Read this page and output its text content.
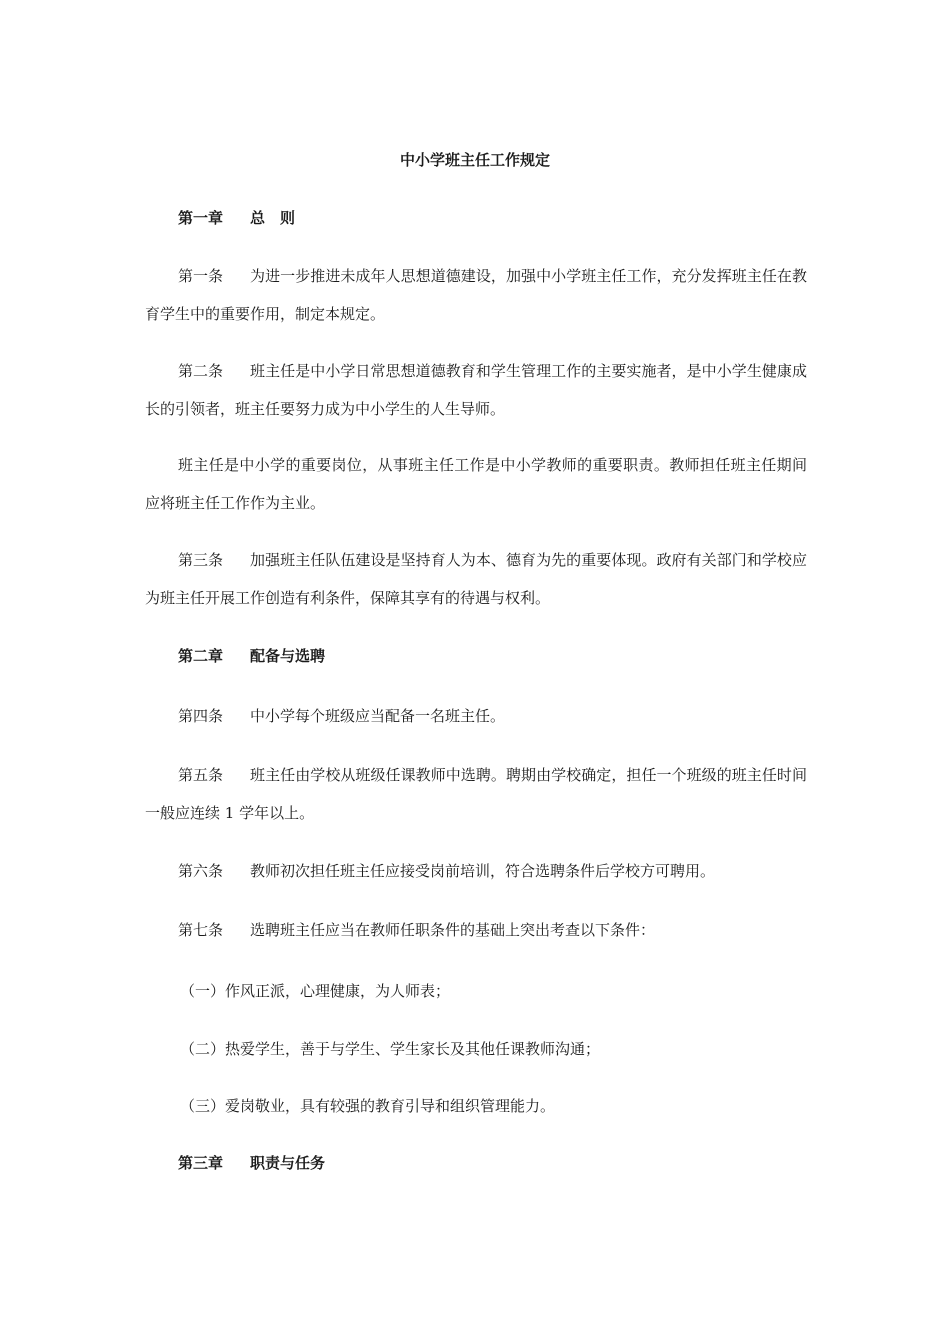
中小学班主任工作规定
第一章 总　则
第一条 为进一步推进未成年人思想道德建设，加强中小学班主任工作，充分发挥班主任在教育学生中的重要作用，制定本规定。
第二条 班主任是中小学日常思想道德教育和学生管理工作的主要实施者，是中小学生健康成长的引领者，班主任要努力成为中小学生的人生导师。
班主任是中小学的重要岗位，从事班主任工作是中小学教师的重要职责。教师担任班主任期间应将班主任工作作为主业。
第三条 加强班主任队伍建设是坚持育人为本、德育为先的重要体现。政府有关部门和学校应为班主任开展工作创造有利条件，保障其享有的待遇与权利。
第二章 配备与选聘
第四条 中小学每个班级应当配备一名班主任。
第五条 班主任由学校从班级任课教师中选聘。聘期由学校确定，担任一个班级的班主任时间一般应连续 1 学年以上。
第六条 教师初次担任班主任应接受岗前培训，符合选聘条件后学校方可聘用。
第七条 选聘班主任应当在教师任职条件的基础上突出考查以下条件：
（一）作风正派，心理健康，为人师表；
（二）热爱学生，善于与学生、学生家长及其他任课教师沟通；
（三）爱岗敬业，具有较强的教育引导和组织管理能力。
第三章 职责与任务
